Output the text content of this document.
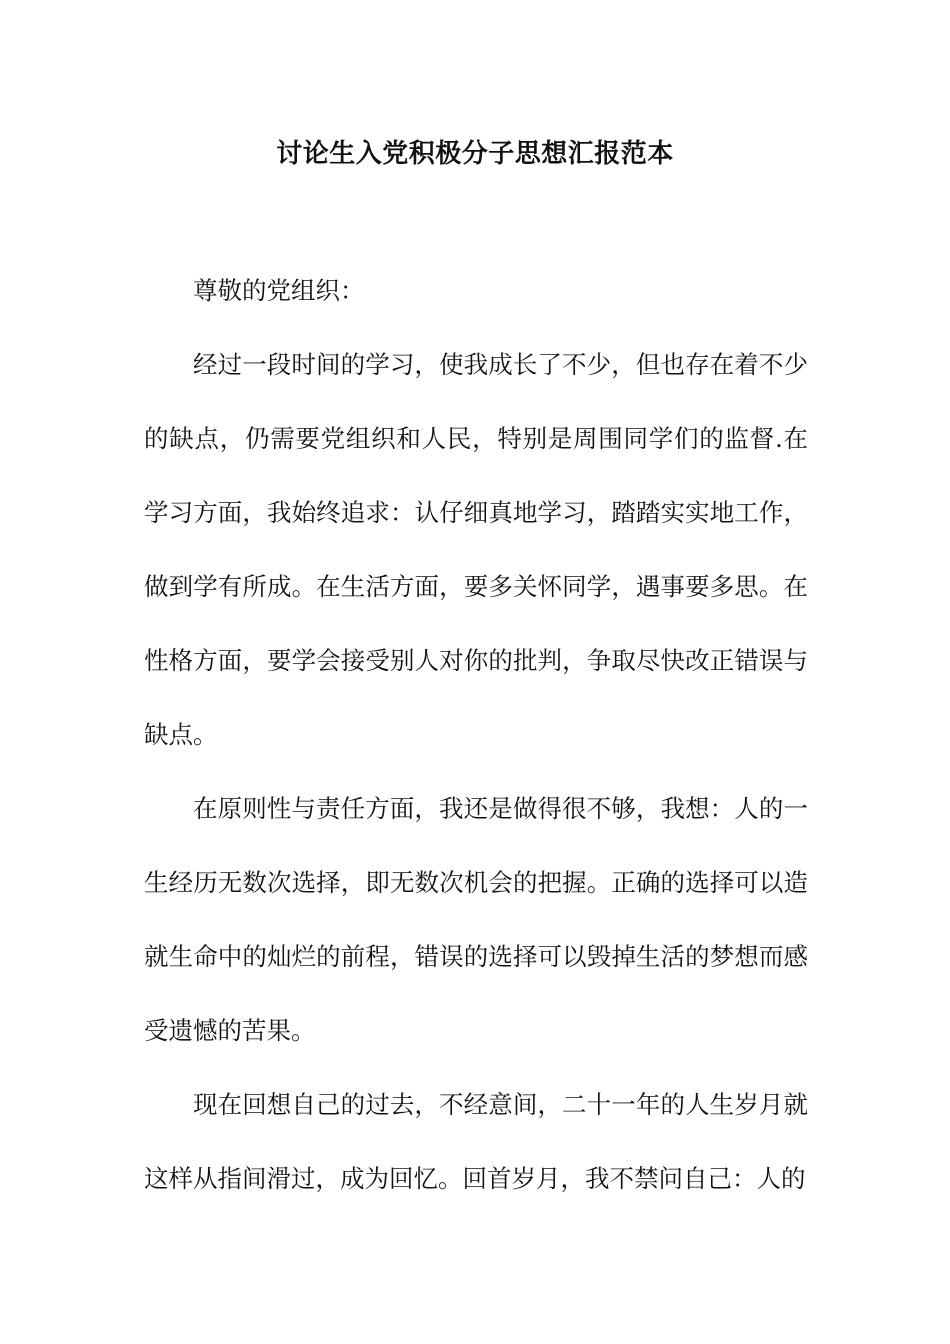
讨论生入党积极分子思想汇报范本

尊敬的党组织：

经过一段时间的学习，使我成长了不少，但也存在着不少的缺点，仍需要党组织和人民，特别是周围同学们的监督.在学习方面，我始终追求：认仔细真地学习，踏踏实实地工作，做到学有所成。在生活方面，要多关怀同学，遇事要多思。在性格方面，要学会接受别人对你的批判，争取尽快改正错误与缺点。

在原则性与责任方面，我还是做得很不够，我想：人的一生经历无数次选择，即无数次机会的把握。正确的选择可以造就生命中的灿烂的前程，错误的选择可以毁掉生活的梦想而感受遗憾的苦果。

现在回想自己的过去，不经意间，二十一年的人生岁月就这样从指间滑过，成为回忆。回首岁月，我不禁问自己：人的
